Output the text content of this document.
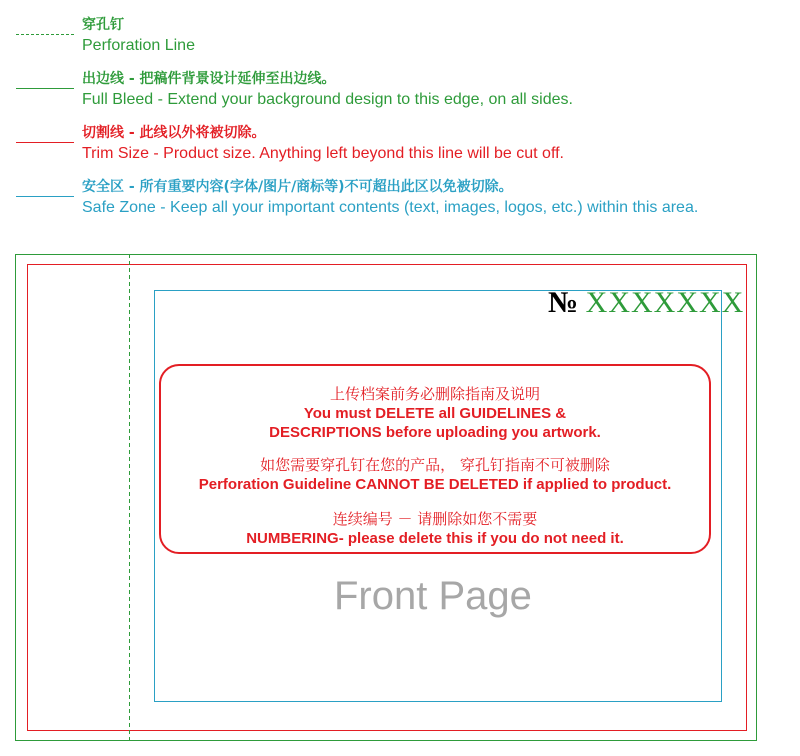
穿孔钉
Perforation Line
出边线 - 把稿件背景设计延伸至出边线。
Full Bleed - Extend your background design to this edge, on all sides.
切割线 - 此线以外将被切除。
Trim Size - Product size. Anything left beyond this line will be cut off.
安全区 - 所有重要内容(字体/图片/商标等)不可超出此区以免被切除。
Safe Zone - Keep all your important contents (text, images, logos, etc.) within this area.
№ XXXXXXX
上传档案前务必删除指南及说明
You must DELETE all GUIDELINES &
DESCRIPTIONS before uploading you artwork.
如您需要穿孔钉在您的产品， 穿孔钉指南不可被删除
Perforation Guideline CANNOT BE DELETED if applied to product.
连续编号 － 请删除如您不需要
NUMBERING- please delete this if you do not need it.
Front Page
